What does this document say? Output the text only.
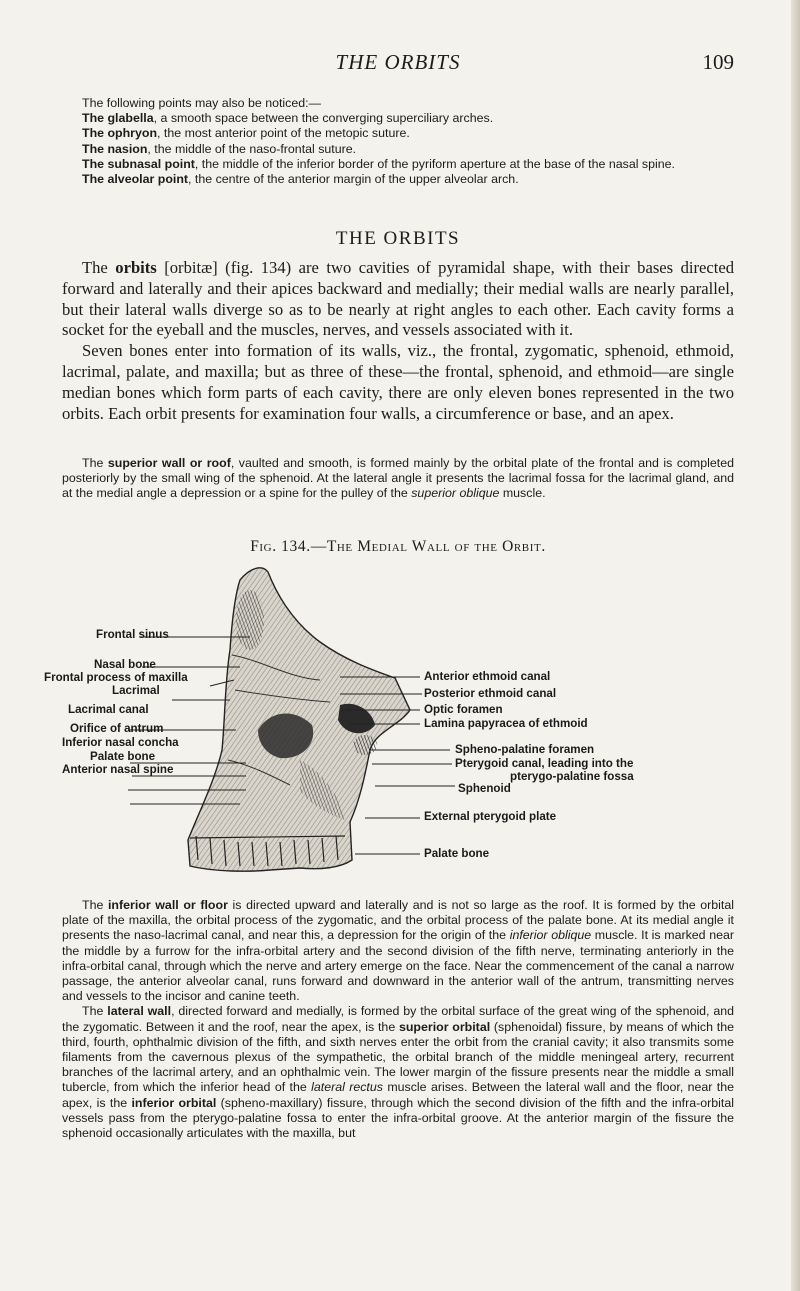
THE ORBITS	109

The following points may also be noticed:—

The glabella, a smooth space between the converging superciliary arches.

The ophryon, the most anterior point of the metopic suture.

The nasion, the middle of the naso-frontal suture.

The subnasal point, the middle of the inferior border of the pyriform aperture at the base of the nasal spine.

The alveolar point, the centre of the anterior margin of the upper alveolar arch.

THE ORBITS

The orbits [orbitæ] (fig. 134) are two cavities of pyramidal shape, with their bases directed forward and laterally and their apices backward and medially; their medial walls are nearly parallel, but their lateral walls diverge so as to be nearly at right angles to each other. Each cavity forms a socket for the eyeball and the muscles, nerves, and vessels associated with it.

Seven bones enter into formation of its walls, viz., the frontal, zygomatic, sphenoid, ethmoid, lacrimal, palate, and maxilla; but as three of these—the frontal, sphenoid, and ethmoid—are single median bones which form parts of each cavity, there are only eleven bones represented in the two orbits. Each orbit presents for examination four walls, a circumference or base, and an apex.

The superior wall or roof, vaulted and smooth, is formed mainly by the orbital plate of the frontal and is completed posteriorly by the small wing of the sphenoid. At the lateral angle it presents the lacrimal fossa for the lacrimal gland, and at the medial angle a depression or a spine for the pulley of the superior oblique muscle.

Fig. 134.—The Medial Wall of the Orbit.
Frontal sinus
Nasal bone
Frontal process of maxilla
Lacrimal
Lacrimal canal
Orifice of antrum
Inferior nasal concha
Palate bone
Anterior nasal spine
Anterior ethmoid canal
Posterior ethmoid canal
Optic foramen
Lamina papyracea of ethmoid
Spheno-palatine foramen
Pterygoid canal, leading into the
pterygo-palatine fossa
Sphenoid
External pterygoid plate
Palate bone

The inferior wall or floor is directed upward and laterally and is not so large as the roof. It is formed by the orbital plate of the maxilla, the orbital process of the zygomatic, and the orbital process of the palate bone. At its medial angle it presents the naso-lacrimal canal, and near this, a depression for the origin of the inferior oblique muscle. It is marked near the middle by a furrow for the infra-orbital artery and the second division of the fifth nerve, terminating anteriorly in the infra-orbital canal, through which the nerve and artery emerge on the face. Near the commencement of the canal a narrow passage, the anterior alveolar canal, runs forward and downward in the anterior wall of the antrum, transmitting nerves and vessels to the incisor and canine teeth.

The lateral wall, directed forward and medially, is formed by the orbital surface of the great wing of the sphenoid, and the zygomatic. Between it and the roof, near the apex, is the superior orbital (sphenoidal) fissure, by means of which the third, fourth, ophthalmic division of the fifth, and sixth nerves enter the orbit from the cranial cavity; it also transmits some filaments from the cavernous plexus of the sympathetic, the orbital branch of the middle meningeal artery, recurrent branches of the lacrimal artery, and an ophthalmic vein. The lower margin of the fissure presents near the middle a small tubercle, from which the inferior head of the lateral rectus muscle arises. Between the lateral wall and the floor, near the apex, is the inferior orbital (spheno-maxillary) fissure, through which the second division of the fifth and the infra-orbital vessels pass from the pterygo-palatine fossa to enter the infra-orbital groove. At the anterior margin of the fissure the sphenoid occasionally articulates with the maxilla, but
